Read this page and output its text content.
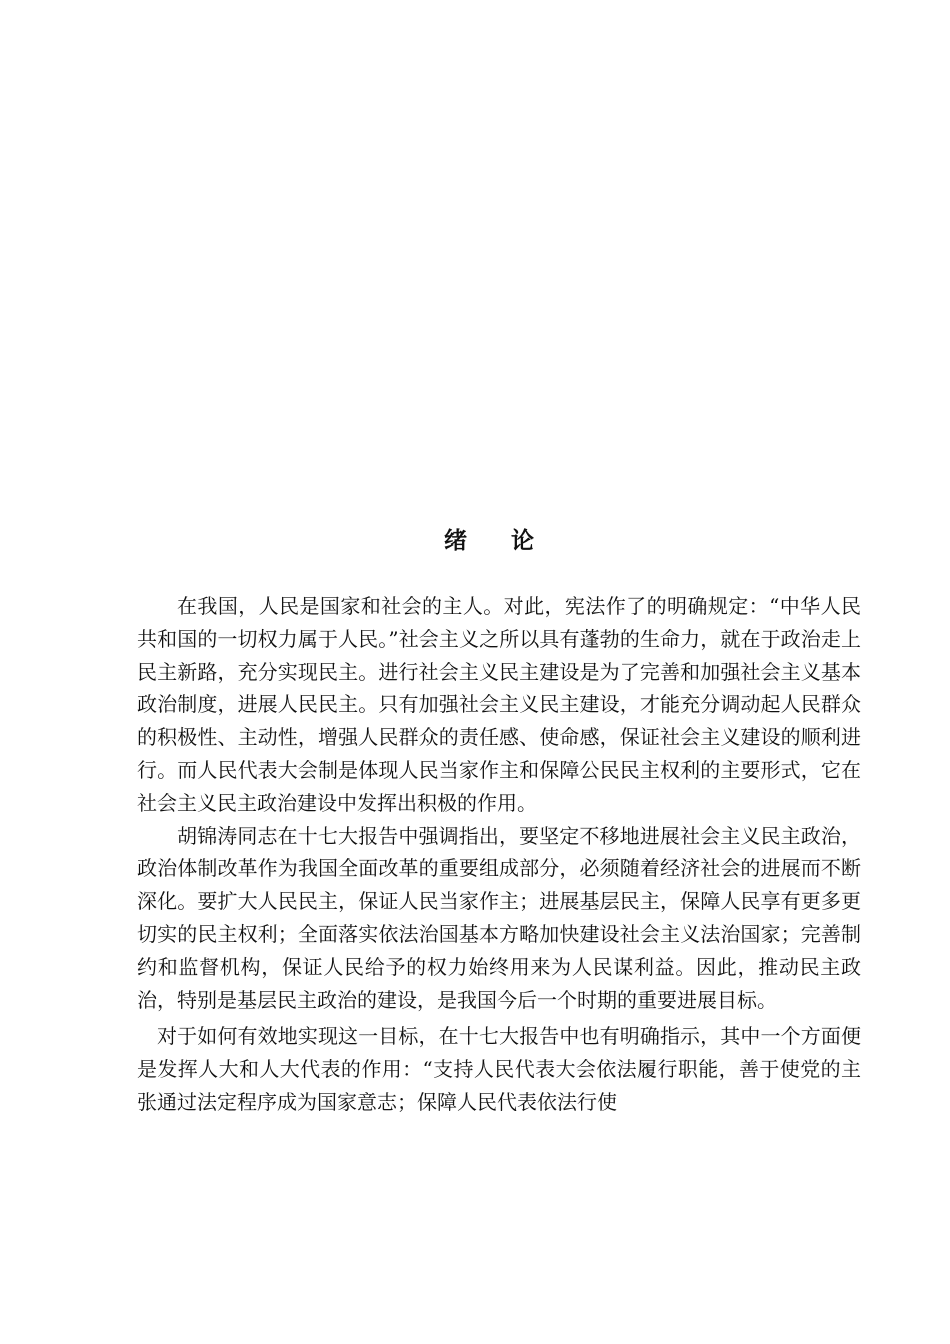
绪 论

在我国，人民是国家和社会的主人。对此，宪法作了的明确规定：“中华人民共和国的一切权力属于人民。”社会主义之所以具有蓬勃的生命力，就在于政治走上民主新路，充分实现民主。进行社会主义民主建设是为了完善和加强社会主义基本政治制度，进展人民民主。只有加强社会主义民主建设，才能充分调动起人民群众的积极性、主动性，增强人民群众的责任感、使命感，保证社会主义建设的顺利进行。而人民代表大会制是体现人民当家作主和保障公民民主权利的主要形式，它在社会主义民主政治建设中发挥出积极的作用。

胡锦涛同志在十七大报告中强调指出，要坚定不移地进展社会主义民主政治，政治体制改革作为我国全面改革的重要组成部分，必须随着经济社会的进展而不断深化。要扩大人民民主，保证人民当家作主；进展基层民主，保障人民享有更多更切实的民主权利；全面落实依法治国基本方略加快建设社会主义法治国家；完善制约和监督机构，保证人民给予的权力始终用来为人民谋利益。因此，推动民主政治，特别是基层民主政治的建设，是我国今后一个时期的重要进展目标。

对于如何有效地实现这一目标，在十七大报告中也有明确指示，其中一个方面便是发挥人大和人大代表的作用：“支持人民代表大会依法履行职能，善于使党的主张通过法定程序成为国家意志；保障人民代表依法行使
